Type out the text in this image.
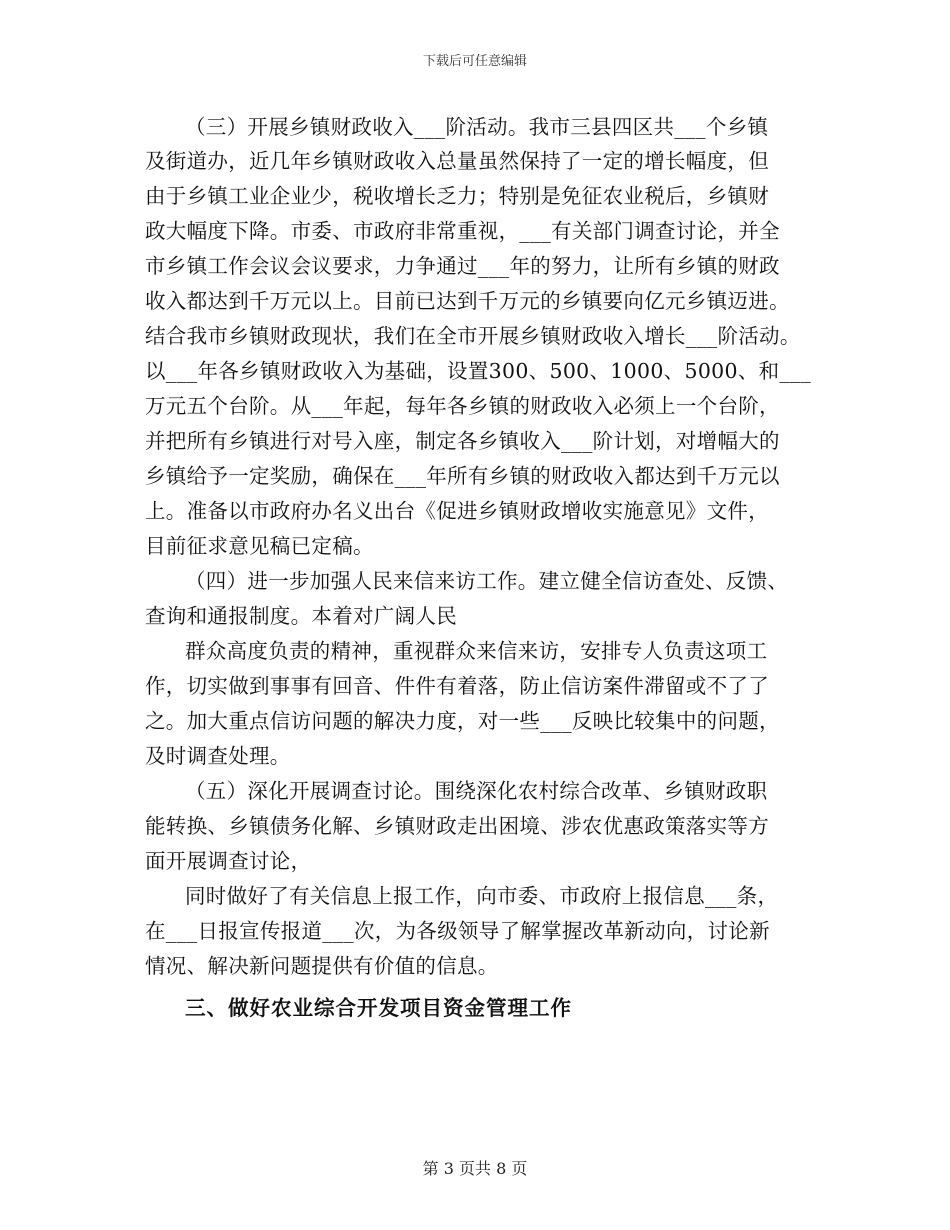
下载后可任意编辑
（三）开展乡镇财政收入___阶活动。我市三县四区共___个乡镇
及街道办，近几年乡镇财政收入总量虽然保持了一定的增长幅度，但
由于乡镇工业企业少，税收增长乏力；特别是免征农业税后，乡镇财
政大幅度下降。市委、市政府非常重视，___有关部门调查讨论，并全
市乡镇工作会议会议要求，力争通过___年的努力，让所有乡镇的财政
收入都达到千万元以上。目前已达到千万元的乡镇要向亿元乡镇迈进。
结合我市乡镇财政现状，我们在全市开展乡镇财政收入增长___阶活动。
以___年各乡镇财政收入为基础，设置300、500、1000、5000、和___
万元五个台阶。从___年起，每年各乡镇的财政收入必须上一个台阶，
并把所有乡镇进行对号入座，制定各乡镇收入___阶计划，对增幅大的
乡镇给予一定奖励，确保在___年所有乡镇的财政收入都达到千万元以
上。准备以市政府办名义出台《促进乡镇财政增收实施意见》文件，
目前征求意见稿已定稿。
（四）进一步加强人民来信来访工作。建立健全信访查处、反馈、
查询和通报制度。本着对广阔人民
群众高度负责的精神，重视群众来信来访，安排专人负责这项工
作，切实做到事事有回音、件件有着落，防止信访案件滞留或不了了
之。加大重点信访问题的解决力度，对一些___反映比较集中的问题，
及时调查处理。
（五）深化开展调查讨论。围绕深化农村综合改革、乡镇财政职
能转换、乡镇债务化解、乡镇财政走出困境、涉农优惠政策落实等方
面开展调查讨论，
同时做好了有关信息上报工作，向市委、市政府上报信息___条，
在___日报宣传报道___次，为各级领导了解掌握改革新动向，讨论新
情况、解决新问题提供有价值的信息。
三、做好农业综合开发项目资金管理工作
第 3 页共 8 页
